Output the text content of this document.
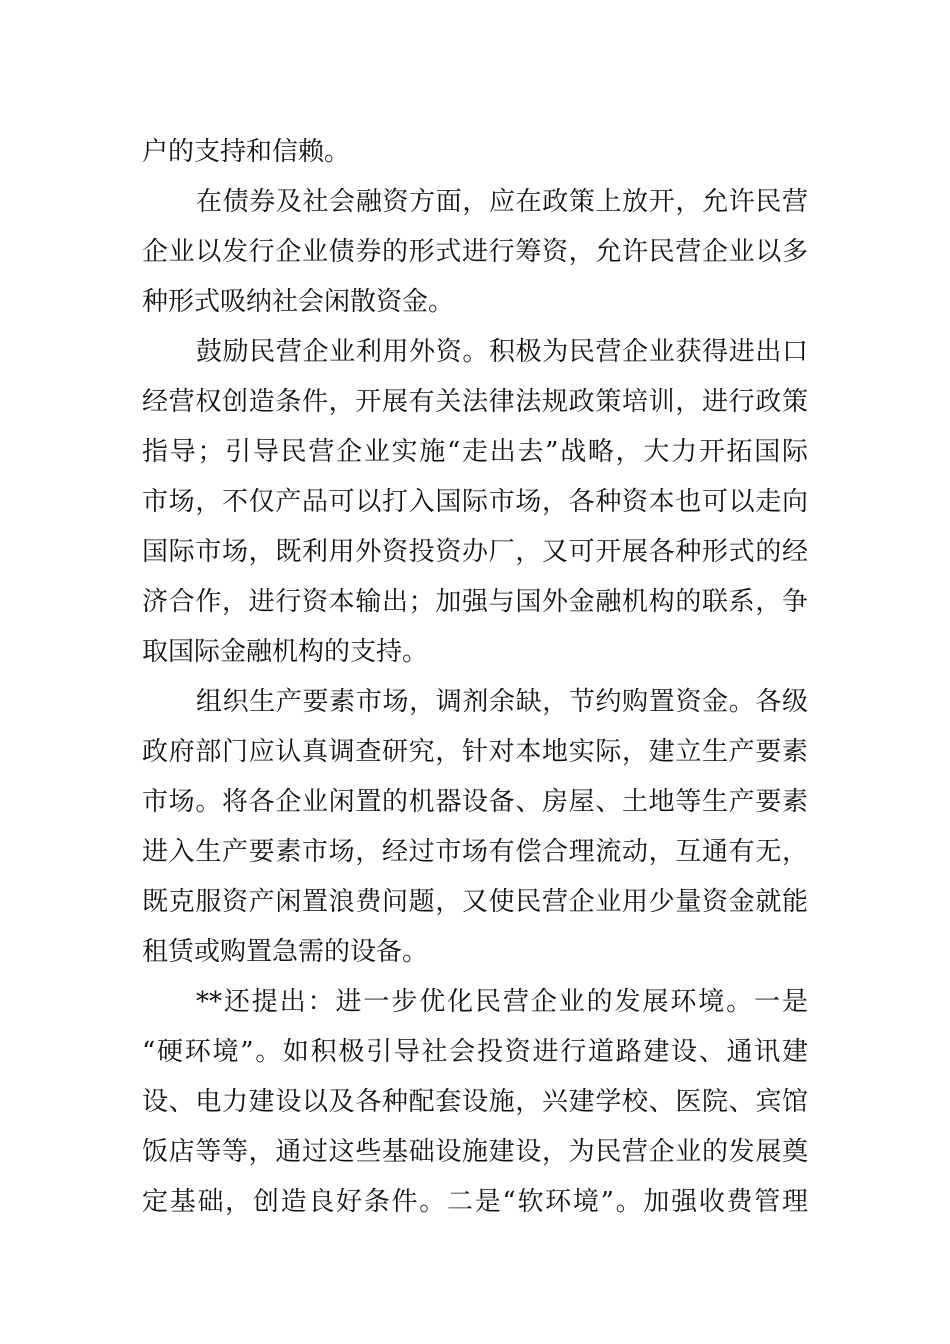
户的支持和信赖。
在债券及社会融资方面，应在政策上放开，允许民营
企业以发行企业债券的形式进行筹资，允许民营企业以多
种形式吸纳社会闲散资金。
鼓励民营企业利用外资。积极为民营企业获得进出口
经营权创造条件，开展有关法律法规政策培训，进行政策
指导；引导民营企业实施“走出去”战略，大力开拓国际
市场，不仅产品可以打入国际市场，各种资本也可以走向
国际市场，既利用外资投资办厂，又可开展各种形式的经
济合作，进行资本输出；加强与国外金融机构的联系，争
取国际金融机构的支持。
组织生产要素市场，调剂余缺，节约购置资金。各级
政府部门应认真调查研究，针对本地实际，建立生产要素
市场。将各企业闲置的机器设备、房屋、土地等生产要素
进入生产要素市场，经过市场有偿合理流动，互通有无，
既克服资产闲置浪费问题，又使民营企业用少量资金就能
租赁或购置急需的设备。
**还提出：进一步优化民营企业的发展环境。一是
“硬环境”。如积极引导社会投资进行道路建设、通讯建
设、电力建设以及各种配套设施，兴建学校、医院、宾馆
饭店等等，通过这些基础设施建设，为民营企业的发展奠
定基础，创造良好条件。二是“软环境”。加强收费管理
